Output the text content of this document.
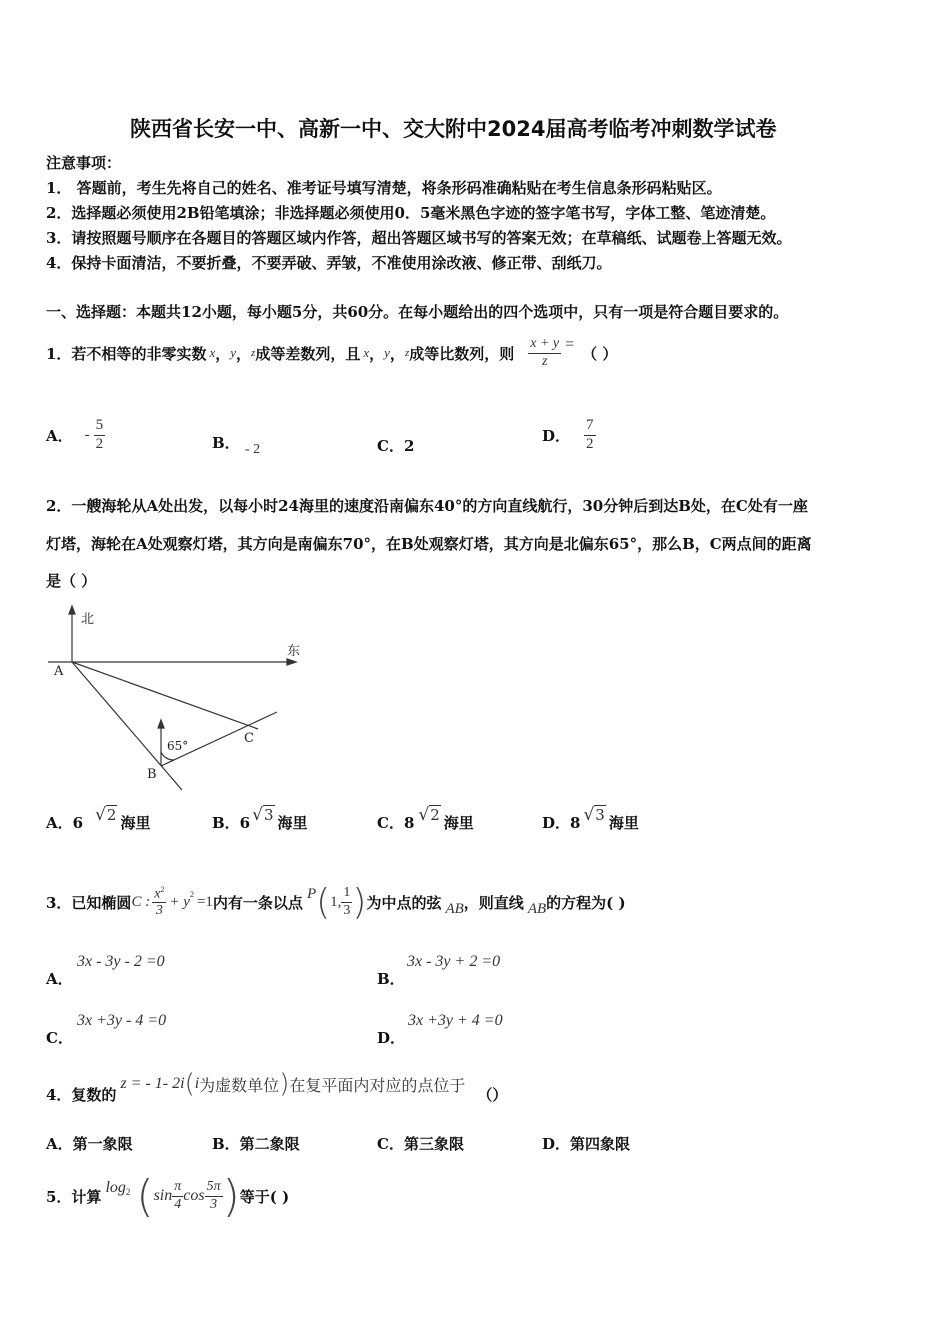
陕西省长安一中、高新一中、交大附中2024届高考临考冲刺数学试卷
注意事项：
1． 答题前，考生先将自己的姓名、准考证号填写清楚，将条形码准确粘贴在考生信息条形码粘贴区。
2．选择题必须使用2B铅笔填涂；非选择题必须使用0．5毫米黑色字迹的签字笔书写，字体工整、笔迹清楚。
3．请按照题号顺序在各题目的答题区域内作答，超出答题区域书写的答案无效；在草稿纸、试题卷上答题无效。
4．保持卡面清洁，不要折叠，不要弄破、弄皱，不准使用涂改液、修正带、刮纸刀。
一、选择题：本题共12小题，每小题5分，共60分。在每小题给出的四个选项中，只有一项是符合题目要求的。
1．若不相等的非零实数 x ， y ， z 成等差数列，且 x ， y ， z 成等比数列，则 $\frac{x + y}{z}$ = （ ）
A． - $\frac{5}{2}$	B． - 2	C．2
D． $\frac{7}{2}$
2．一艘海轮从A处出发，以每小时24海里的速度沿南偏东40°的方向直线航行，30分钟后到达B处，在C处有一座
灯塔，海轮在A处观察灯塔，其方向是南偏东70°，在B处观察灯塔，其方向是北偏东65°，那么B，C两点间的距离
是（ ）
北
东
A
B
C
65°
A．6 √2 海里	B．6 √3 海里	C．8 √2 海里	D．8 √3 海里
3．已知椭圆 C : $\frac{x^2}{3} + y^2 =1$ 内有一条以点 P ( 1, $\frac{1}{3}$ ) 为中点的弦 AB ，则直线 AB 的方程为( )
A．
3x - 3y - 2 =0
B．
3x - 3y + 2 =0
C．
3x +3y - 4 =0
D．
3x +3y + 4 =0
4．复数的
z = - 1- 2i ( i 为虚数单位 ) 在复平面内对应的点位于 （）
A．第一象限	B．第二象限	C．第三象限	D．第四象限
5．计算 $\log_2$ ( $\sin \frac{\pi}{4}$ $\cos \frac{5\pi}{3}$ ) 等于( )
